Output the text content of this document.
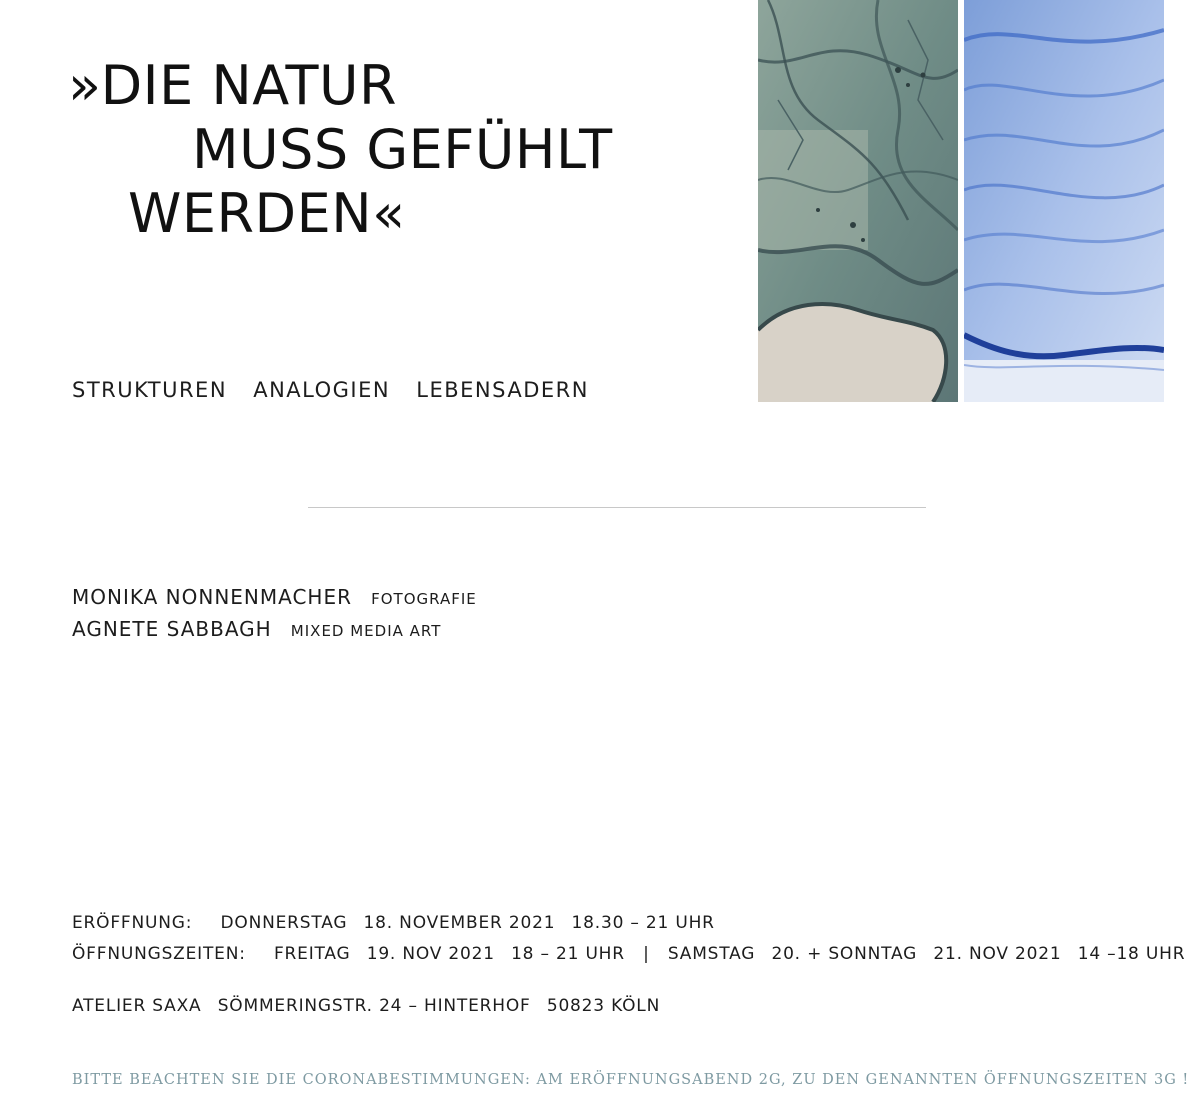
»DIE NATUR
MUSS GEFÜHLT
WERDEN«
STRUKTUREN ANALOGIEN LEBENSADERN
MONIKA NONNENMACHER FOTOGRAFIE
AGNETE SABBAGH MIXED MEDIA ART
ERÖFFNUNG: DONNERSTAG 18. NOVEMBER 2021 18.30 – 21 UHR
ÖFFNUNGSZEITEN: FREITAG 19. NOV 2021 18 – 21 UHR | SAMSTAG 20. + SONNTAG 21. NOV 2021 14 –18 UHR
ATELIER SAXA SÖMMERINGSTR. 24 – HINTERHOF 50823 KÖLN
BITTE BEACHTEN SIE DIE CORONABESTIMMUNGEN: AM ERÖFFNUNGSABEND 2G, ZU DEN GENANNTEN ÖFFNUNGSZEITEN 3G !
